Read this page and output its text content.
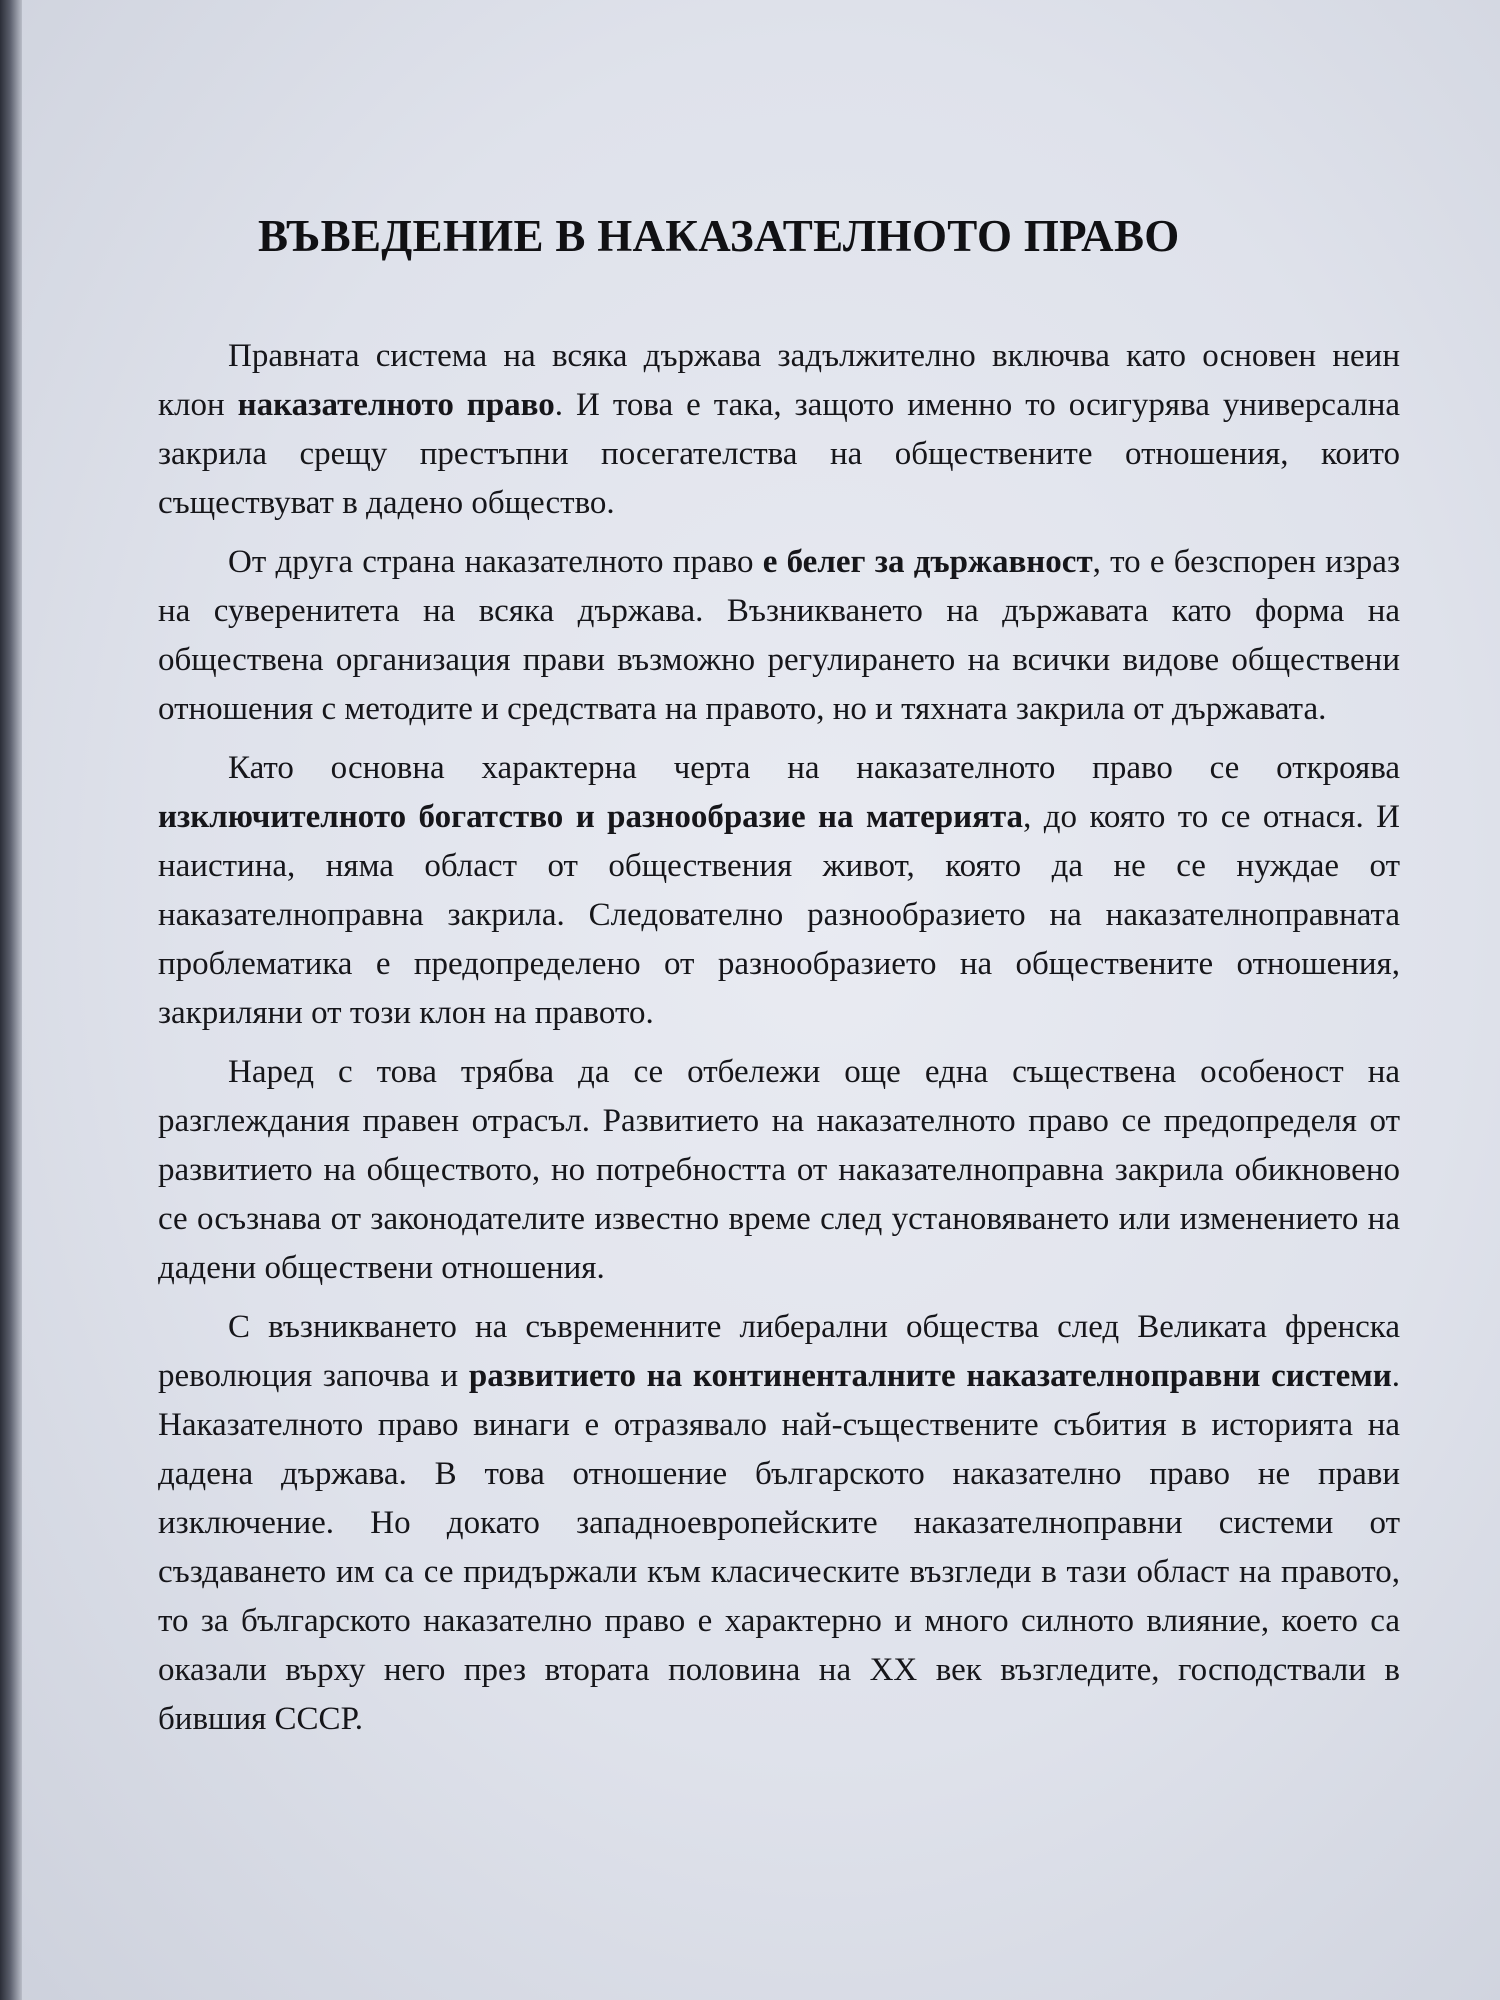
ВЪВЕДЕНИЕ В НАКАЗАТЕЛНОТО ПРАВО

Правната система на всяка държава задължително включва като основен неин клон наказателното право. И това е така, защото именно то осигурява универсална закрила срещу престъпни посегателства на обществените отношения, които съществуват в дадено общество.

От друга страна наказателното право е белег за държавност, то е безспорен израз на суверенитета на всяка държава. Възникването на държавата като форма на обществена организация прави възможно регулирането на всички видове обществени отношения с методите и средствата на правото, но и тяхната закрила от държавата.

Като основна характерна черта на наказателното право се откроява изключителното богатство и разнообразие на материята, до която то се отнася. И наистина, няма област от обществения живот, която да не се нуждае от наказателноправна закрила. Следователно разнообразието на наказателноправната проблематика е предопределено от разнообразието на обществените отношения, закриляни от този клон на правото.

Наред с това трябва да се отбележи още една съществена особеност на разглеждания правен отрасъл. Развитието на наказателното право се предопределя от развитието на обществото, но потребността от наказателноправна закрила обикновено се осъзнава от законодателите известно време след установяването или изменението на дадени обществени отношения.

С възникването на съвременните либерални общества след Великата френска революция започва и развитието на континенталните наказателноправни системи. Наказателното право винаги е отразявало най-съществените събития в историята на дадена държава. В това отношение българското наказателно право не прави изключение. Но докато западноевропейските наказателноправни системи от създаването им са се придържали към класическите възгледи в тази област на правото, то за българското наказателно право е характерно и много силното влияние, което са оказали върху него през втората половина на XX век възгледите, господствали в бившия СССР.
